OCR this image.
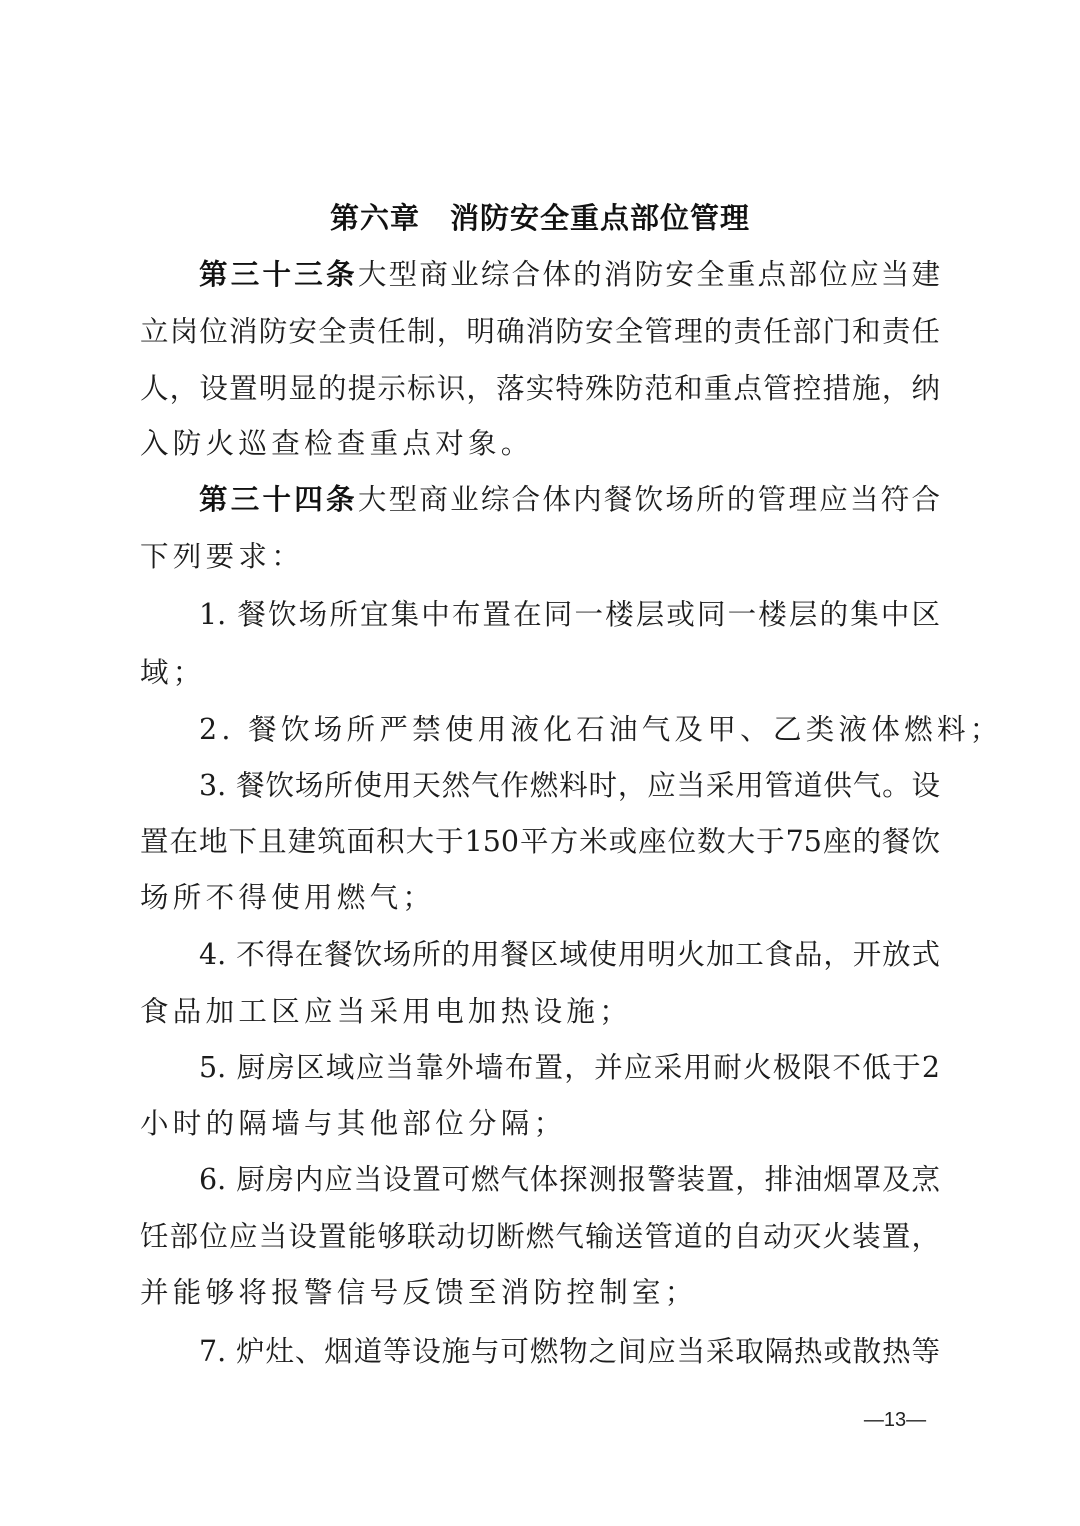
第六章　消防安全重点部位管理
第三十三条大型商业综合体的消防安全重点部位应当建
立岗位消防安全责任制，明确消防安全管理的责任部门和责任
人，设置明显的提示标识，落实特殊防范和重点管控措施，纳
入防火巡查检查重点对象。
第三十四条大型商业综合体内餐饮场所的管理应当符合
下列要求：
1. 餐饮场所宜集中布置在同一楼层或同一楼层的集中区
域；
2. 餐饮场所严禁使用液化石油气及甲、乙类液体燃料；
3. 餐饮场所使用天然气作燃料时，应当采用管道供气。设
置在地下且建筑面积大于150平方米或座位数大于75座的餐饮
场所不得使用燃气；
4. 不得在餐饮场所的用餐区域使用明火加工食品，开放式
食品加工区应当采用电加热设施；
5. 厨房区域应当靠外墙布置，并应采用耐火极限不低于2
小时的隔墙与其他部位分隔；
6. 厨房内应当设置可燃气体探测报警装置，排油烟罩及烹
饪部位应当设置能够联动切断燃气输送管道的自动灭火装置，
并能够将报警信号反馈至消防控制室；
7. 炉灶、烟道等设施与可燃物之间应当采取隔热或散热等
—13—
